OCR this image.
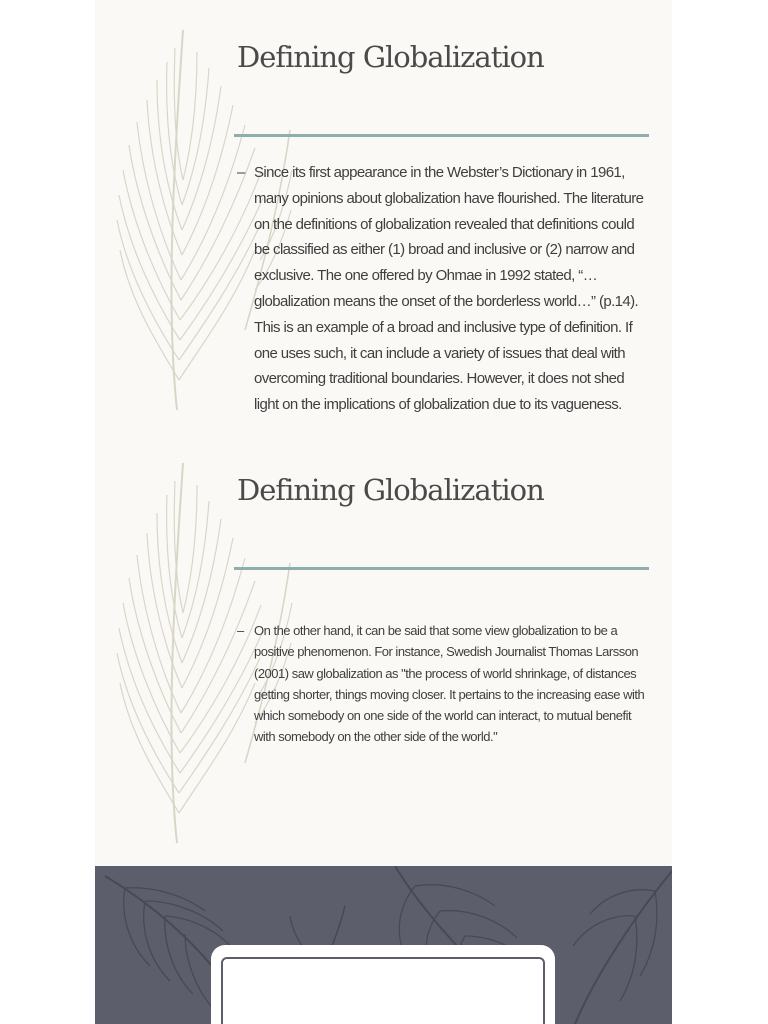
Defining Globalization
– Since its first appearance in the Webster’s Dictionary in 1961, many opinions about globalization have flourished. The literature on the definitions of globalization revealed that definitions could be classified as either (1) broad and inclusive or (2) narrow and exclusive. The one offered by Ohmae in 1992 stated, “…globalization means the onset of the borderless world…” (p.14). This is an example of a broad and inclusive type of definition. If one uses such, it can include a variety of issues that deal with overcoming traditional boundaries. However, it does not shed light on the implications of globalization due to its vagueness.
Defining Globalization
– On the other hand, it can be said that some view globalization to be a positive phenomenon. For instance, Swedish Journalist Thomas Larsson (2001) saw globalization as "the process of world shrinkage, of distances getting shorter, things moving closer. It pertains to the increasing ease with which somebody on one side of the world can interact, to mutual benefit with somebody on the other side of the world."
